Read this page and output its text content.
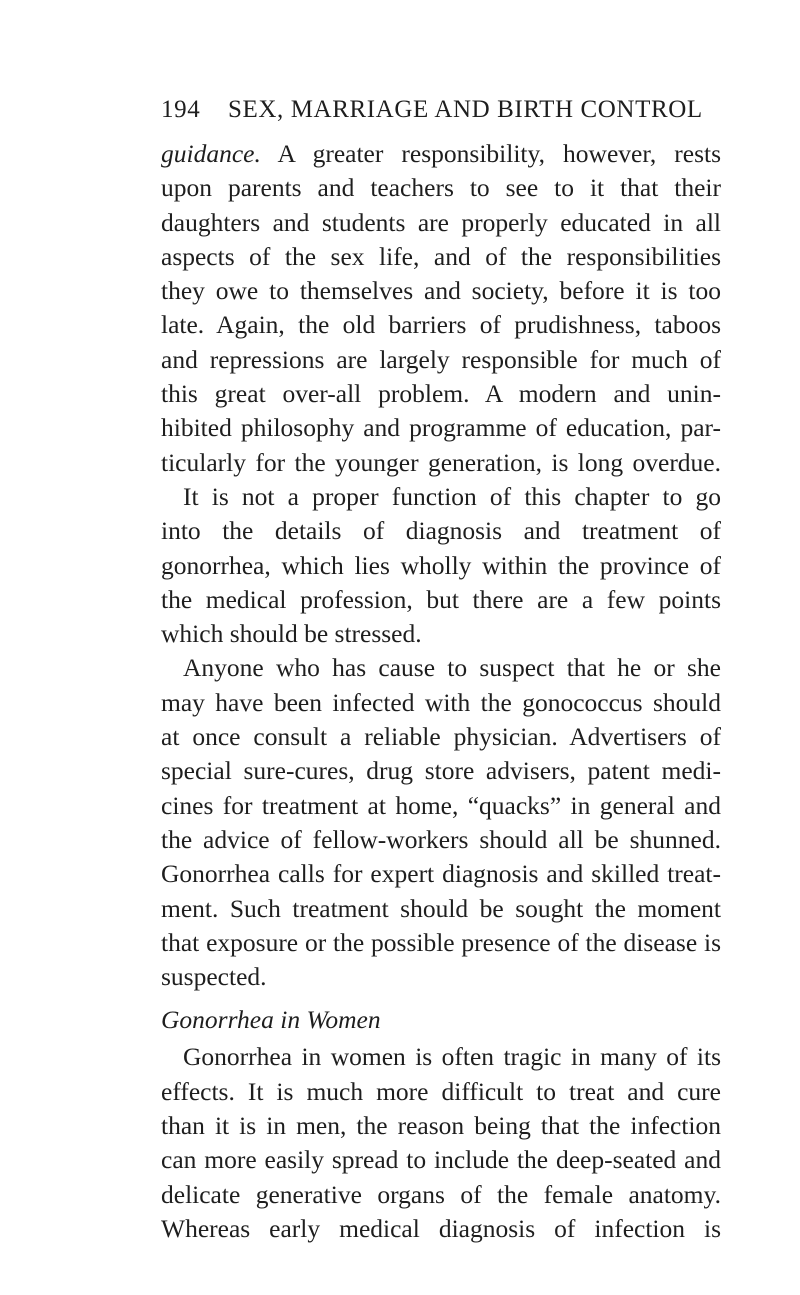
194 SEX, MARRIAGE AND BIRTH CONTROL
guidance. A greater responsibility, however, rests
upon parents and teachers to see to it that their
daughters and students are properly educated in all
aspects of the sex life, and of the responsibilities
they owe to themselves and society, before it is too
late. Again, the old barriers of prudishness, taboos
and repressions are largely responsible for much of
this great over-all problem. A modern and unin-
hibited philosophy and programme of education, par-
ticularly for the younger generation, is long overdue.
It is not a proper function of this chapter to go
into the details of diagnosis and treatment of
gonorrhea, which lies wholly within the province of
the medical profession, but there are a few points
which should be stressed.
Anyone who has cause to suspect that he or she
may have been infected with the gonococcus should
at once consult a reliable physician. Advertisers of
special sure-cures, drug store advisers, patent medi-
cines for treatment at home, “quacks” in general and
the advice of fellow-workers should all be shunned.
Gonorrhea calls for expert diagnosis and skilled treat-
ment. Such treatment should be sought the moment
that exposure or the possible presence of the disease is
suspected.
Gonorrhea in Women
Gonorrhea in women is often tragic in many of its
effects. It is much more difficult to treat and cure
than it is in men, the reason being that the infection
can more easily spread to include the deep-seated and
delicate generative organs of the female anatomy.
Whereas early medical diagnosis of infection is
